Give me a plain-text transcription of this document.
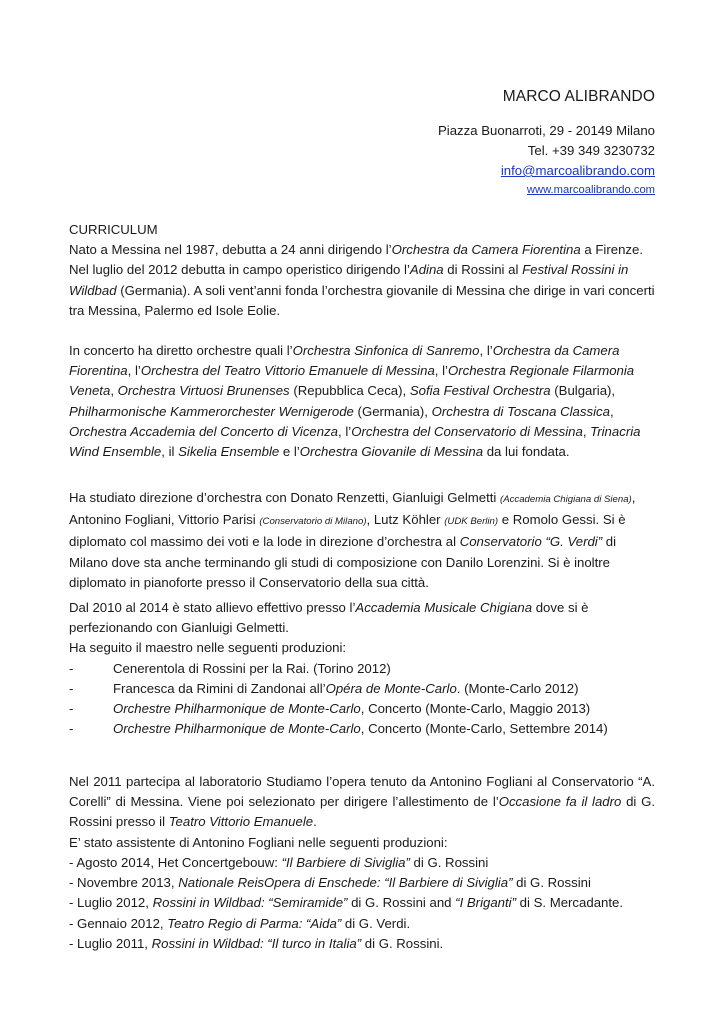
MARCO ALIBRANDO
Piazza Buonarroti, 29 - 20149 Milano
Tel. +39 349 3230732
info@marcoalibrando.com
www.marcoalibrando.com

CURRICULUM

Nato a Messina nel 1987, debutta a 24 anni dirigendo l’Orchestra da Camera Fiorentina a Firenze. Nel luglio del 2012 debutta in campo operistico dirigendo l’Adina di Rossini al Festival Rossini in Wildbad (Germania). A soli vent’anni fonda l’orchestra giovanile di Messina che dirige in vari concerti tra Messina, Palermo ed Isole Eolie.

In concerto ha diretto orchestre quali l’Orchestra Sinfonica di Sanremo, l’Orchestra da Camera Fiorentina, l’Orchestra del Teatro Vittorio Emanuele di Messina, l’Orchestra Regionale Filarmonia Veneta, Orchestra Virtuosi Brunenses (Repubblica Ceca), Sofia Festival Orchestra (Bulgaria), Philharmonische Kammerorchester Wernigerode (Germania), Orchestra di Toscana Classica, Orchestra Accademia del Concerto di Vicenza, l’Orchestra del Conservatorio di Messina, Trinacria Wind Ensemble, il Sikelia Ensemble e l’Orchestra Giovanile di Messina da lui fondata.

Ha studiato direzione d’orchestra con Donato Renzetti, Gianluigi Gelmetti (Accademia Chigiana di Siena), Antonino Fogliani, Vittorio Parisi (Conservatorio di Milano), Lutz Köhler (UDK Berlin) e Romolo Gessi. Si è diplomato col massimo dei voti e la lode in direzione d’orchestra al Conservatorio “G. Verdi” di Milano dove sta anche terminando gli studi di composizione con Danilo Lorenzini. Si è inoltre diplomato in pianoforte presso il Conservatorio della sua città.

Dal 2010 al 2014 è stato allievo effettivo presso l’Accademia Musicale Chigiana dove si è perfezionando con Gianluigi Gelmetti.

Ha seguito il maestro nelle seguenti produzioni:

-	Cenerentola di Rossini per la Rai. (Torino 2012)
-	Francesca da Rimini di Zandonai all’Opéra de Monte-Carlo. (Monte-Carlo 2012)
-	Orchestre Philharmonique de Monte-Carlo, Concerto (Monte-Carlo, Maggio 2013)
-	Orchestre Philharmonique de Monte-Carlo, Concerto (Monte-Carlo, Settembre 2014)

Nel 2011 partecipa al laboratorio Studiamo l’opera tenuto da Antonino Fogliani al Conservatorio “A. Corelli” di Messina. Viene poi selezionato per dirigere l’allestimento de l’Occasione fa il ladro di G. Rossini presso il Teatro Vittorio Emanuele.

E’ stato assistente di Antonino Fogliani nelle seguenti produzioni:

- Agosto 2014, Het Concertgebouw: “Il Barbiere di Siviglia” di G. Rossini

- Novembre 2013, Nationale ReisOpera di Enschede: “Il Barbiere di Siviglia” di G. Rossini

- Luglio 2012, Rossini in Wildbad: “Semiramide” di G. Rossini and “I Briganti” di S. Mercadante.

- Gennaio 2012, Teatro Regio di Parma: “Aida” di G. Verdi.

- Luglio 2011, Rossini in Wildbad: “Il turco in Italia” di G. Rossini.
